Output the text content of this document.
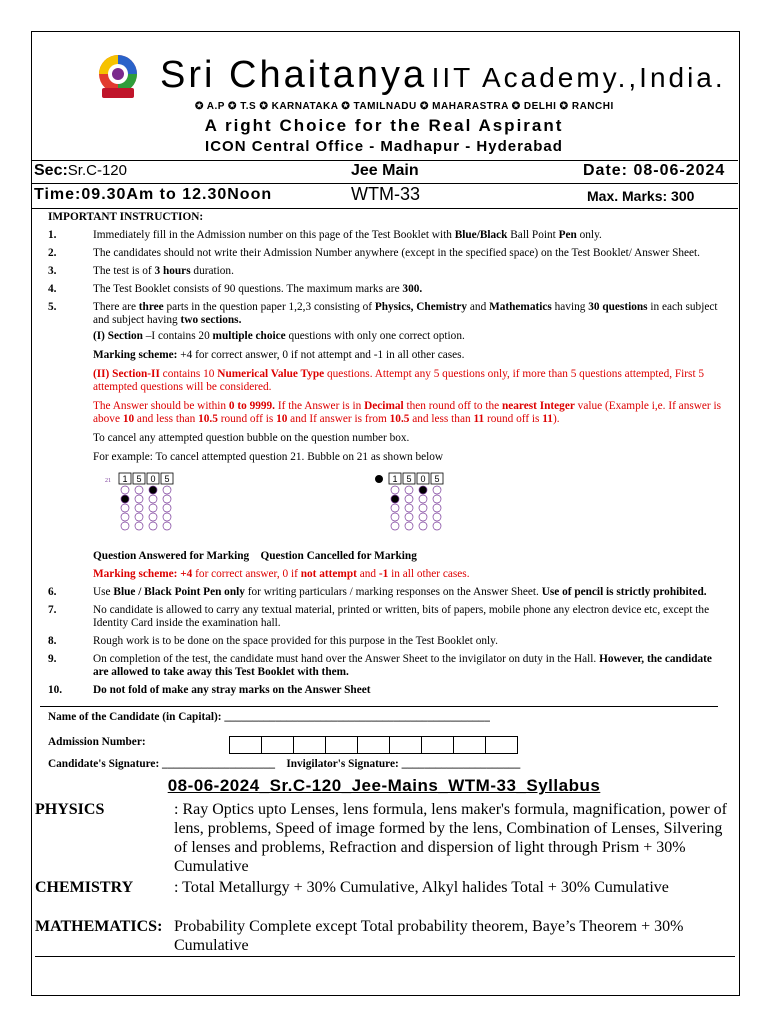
Sri Chaitanya IIT Academy.,India.
✪ A.P ✪ T.S ✪ KARNATAKA ✪ TAMILNADU ✪ MAHARASTRA ✪ DELHI ✪ RANCHI
A right Choice for the Real Aspirant
ICON Central Office - Madhapur - Hyderabad
Sec:Sr.C-120	Jee Main	Date: 08-06-2024
Time:09.30Am to 12.30Noon	WTM-33	Max. Marks: 300
IMPORTANT INSTRUCTION:
1.	Immediately fill in the Admission number on this page of the Test Booklet with Blue/Black Ball Point Pen only.
2.	The candidates should not write their Admission Number anywhere (except in the specified space) on the Test Booklet/ Answer Sheet.
3.	The test is of 3 hours duration.
4.	The Test Booklet consists of 90 questions. The maximum marks are 300.
5.	There are three parts in the question paper 1,2,3 consisting of Physics, Chemistry and Mathematics having 30 questions in each subject and subject having two sections.
(I) Section –I contains 20 multiple choice questions with only one correct option.
Marking scheme: +4 for correct answer, 0 if not attempt and -1 in all other cases.
(II) Section-II contains 10 Numerical Value Type questions. Attempt any 5 questions only, if more than 5 questions attempted, First 5 attempted questions will be considered.
The Answer should be within 0 to 9999. If the Answer is in Decimal then round off to the nearest Integer value (Example i,e. If answer is above 10 and less than 10.5 round off is 10 and If answer is from 10.5 and less than 11 round off is 11).
To cancel any attempted question bubble on the question number box.
For example: To cancel attempted question 21. Bubble on 21 as shown below
21 1 5 0 5	1 5 0 5
Question Answered for Marking Question Cancelled for Marking
Marking scheme: +4 for correct answer, 0 if not attempt and -1 in all other cases.
6.	Use Blue / Black Point Pen only for writing particulars / marking responses on the Answer Sheet. Use of pencil is strictly prohibited.
7.	No candidate is allowed to carry any textual material, printed or written, bits of papers, mobile phone any electron device etc, except the Identity Card inside the examination hall.
8.	Rough work is to be done on the space provided for this purpose in the Test Booklet only.
9.	On completion of the test, the candidate must hand over the Answer Sheet to the invigilator on duty in the Hall. However, the candidate are allowed to take away this Test Booklet with them.
10.	Do not fold of make any stray marks on the Answer Sheet
Name of the Candidate (in Capital): _______________________________________________
Admission Number:
Candidate's Signature: ____________________ Invigilator's Signature: _____________________
08-06-2024_Sr.C-120_Jee-Mains_WTM-33_Syllabus
PHYSICS	: Ray Optics upto Lenses, lens formula, lens maker's formula, magnification, power of lens, problems, Speed of image formed by the lens, Combination of Lenses, Silvering of lenses and problems, Refraction and dispersion of light through Prism + 30% Cumulative
CHEMISTRY	: Total Metallurgy + 30% Cumulative, Alkyl halides Total + 30% Cumulative
MATHEMATICS: Probability Complete except Total probability theorem, Baye’s Theorem + 30% Cumulative
